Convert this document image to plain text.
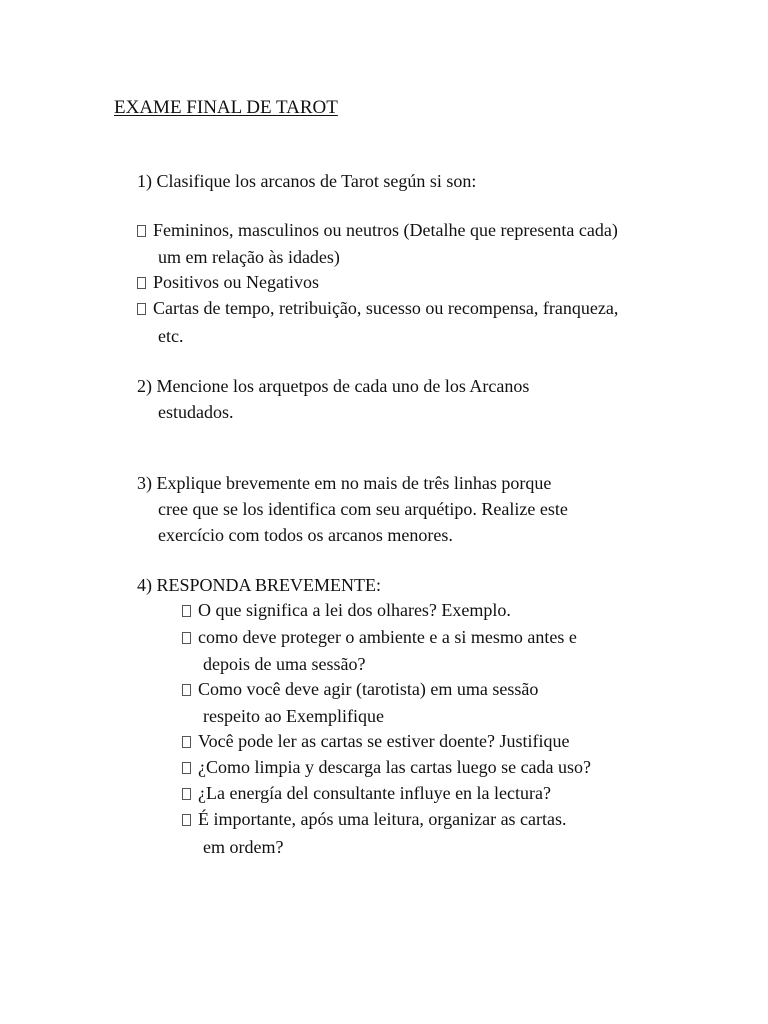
EXAME FINAL DE TAROT

1) Clasifique los arcanos de Tarot según si son:

Femininos, masculinos ou neutros (Detalhe que representa cada)

um em relação às idades)

Positivos ou Negativos

Cartas de tempo, retribuição, sucesso ou recompensa, franqueza,

etc.

2) Mencione los arquetpos de cada uno de los Arcanos

estudados.

3) Explique brevemente em no mais de três linhas porque

cree que se los identifica com seu arquétipo. Realize este

exercício com todos os arcanos menores.

4) RESPONDA BREVEMENTE:

O que significa a lei dos olhares? Exemplo.

como deve proteger o ambiente e a si mesmo antes e

depois de uma sessão?

Como você deve agir (tarotista) em uma sessão

respeito ao Exemplifique

Você pode ler as cartas se estiver doente? Justifique

¿Como limpia y descarga las cartas luego se cada uso?

¿La energía del consultante influye en la lectura?

É importante, após uma leitura, organizar as cartas.

em ordem?
